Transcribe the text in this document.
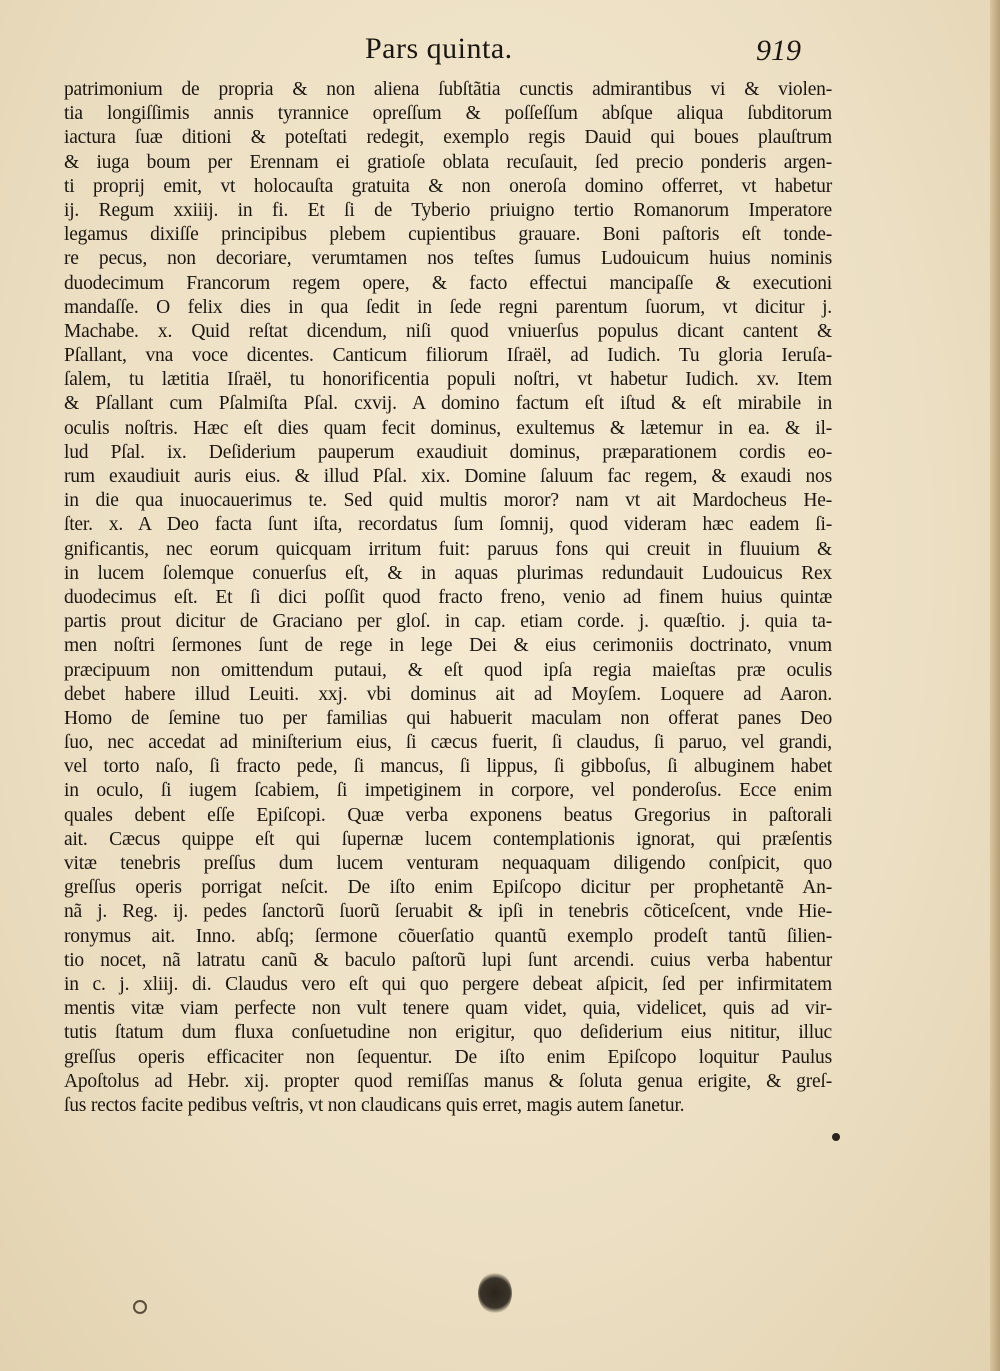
Pars quinta.	919
patrimonium de propria & non aliena ſubſtãtia cunctis admirantibus vi & violen-
tia longiſſimis annis tyrannice opreſſum & poſſeſſum abſque aliqua ſubditorum
iactura ſuæ ditioni & poteſtati redegit, exemplo regis Dauid qui boues plauſtrum
& iuga boum per Erennam ei gratioſe oblata recuſauit, ſed precio ponderis argen-
ti proprij emit, vt holocauſta gratuita & non oneroſa domino offerret, vt habetur
ij. Regum xxiiij. in fi. Et ſi de Tyberio priuigno tertio Romanorum Imperatore
legamus dixiſſe principibus plebem cupientibus grauare. Boni paſtoris eſt tonde-
re pecus, non decoriare, verumtamen nos teſtes ſumus Ludouicum huius nominis
duodecimum Francorum regem opere, & facto effectui mancipaſſe & executioni
mandaſſe. O felix dies in qua ſedit in ſede regni parentum ſuorum, vt dicitur j.
Machabe. x. Quid reſtat dicendum, niſi quod vniuerſus populus dicant cantent &
Pſallant, vna voce dicentes. Canticum filiorum Iſraël, ad Iudich. Tu gloria Ieruſa-
ſalem, tu lætitia Iſraël, tu honorificentia populi noſtri, vt habetur Iudich. xv. Item
& Pſallant cum Pſalmiſta Pſal. cxvij. A domino factum eſt iſtud & eſt mirabile in
oculis noſtris. Hæc eſt dies quam fecit dominus, exultemus & lætemur in ea. & il-
lud Pſal. ix. Deſiderium pauperum exaudiuit dominus, præparationem cordis eo-
rum exaudiuit auris eius. & illud Pſal. xix. Domine ſaluum fac regem, & exaudi nos
in die qua inuocauerimus te. Sed quid multis moror? nam vt ait Mardocheus He-
ſter. x. A Deo facta ſunt iſta, recordatus ſum ſomnij, quod videram hæc eadem ſi-
gnificantis, nec eorum quicquam irritum fuit: paruus fons qui creuit in fluuium &
in lucem ſolemque conuerſus eſt, & in aquas plurimas redundauit Ludouicus Rex
duodecimus eſt. Et ſi dici poſſit quod fracto freno, venio ad finem huius quintæ
partis prout dicitur de Graciano per gloſ. in cap. etiam corde. j. quæſtio. j. quia ta-
men noſtri ſermones ſunt de rege in lege Dei & eius cerimoniis doctrinato, vnum
præcipuum non omittendum putaui, & eſt quod ipſa regia maieſtas præ oculis
debet habere illud Leuiti. xxj. vbi dominus ait ad Moyſem. Loquere ad Aaron.
Homo de ſemine tuo per familias qui habuerit maculam non offerat panes Deo
ſuo, nec accedat ad miniſterium eius, ſi cæcus fuerit, ſi claudus, ſi paruo, vel grandi,
vel torto naſo, ſi fracto pede, ſi mancus, ſi lippus, ſi gibboſus, ſi albuginem habet
in oculo, ſi iugem ſcabiem, ſi impetiginem in corpore, vel ponderoſus. Ecce enim
quales debent eſſe Epiſcopi. Quæ verba exponens beatus Gregorius in paſtorali
ait. Cæcus quippe eſt qui ſupernæ lucem contemplationis ignorat, qui præſentis
vitæ tenebris preſſus dum lucem venturam nequaquam diligendo conſpicit, quo
greſſus operis porrigat neſcit. De iſto enim Epiſcopo dicitur per prophetantẽ An-
nã j. Reg. ij. pedes ſanctorũ ſuorũ ſeruabit & ipſi in tenebris cõticeſcent, vnde Hie-
ronymus ait. Inno. abſq; ſermone cõuerſatio quantũ exemplo prodeſt tantũ ſilien-
tio nocet, nã latratu canũ & baculo paſtorũ lupi ſunt arcendi. cuius verba habentur
in c. j. xliij. di. Claudus vero eſt qui quo pergere debeat aſpicit, ſed per infirmitatem
mentis vitæ viam perfecte non vult tenere quam videt, quia, videlicet, quis ad vir-
tutis ſtatum dum fluxa conſuetudine non erigitur, quo deſiderium eius nititur, illuc
greſſus operis efficaciter non ſequentur. De iſto enim Epiſcopo loquitur Paulus
Apoſtolus ad Hebr. xij. propter quod remiſſas manus & ſoluta genua erigite, & greſ-
ſus rectos facite pedibus veſtris, vt non claudicans quis erret, magis autem ſanetur.
